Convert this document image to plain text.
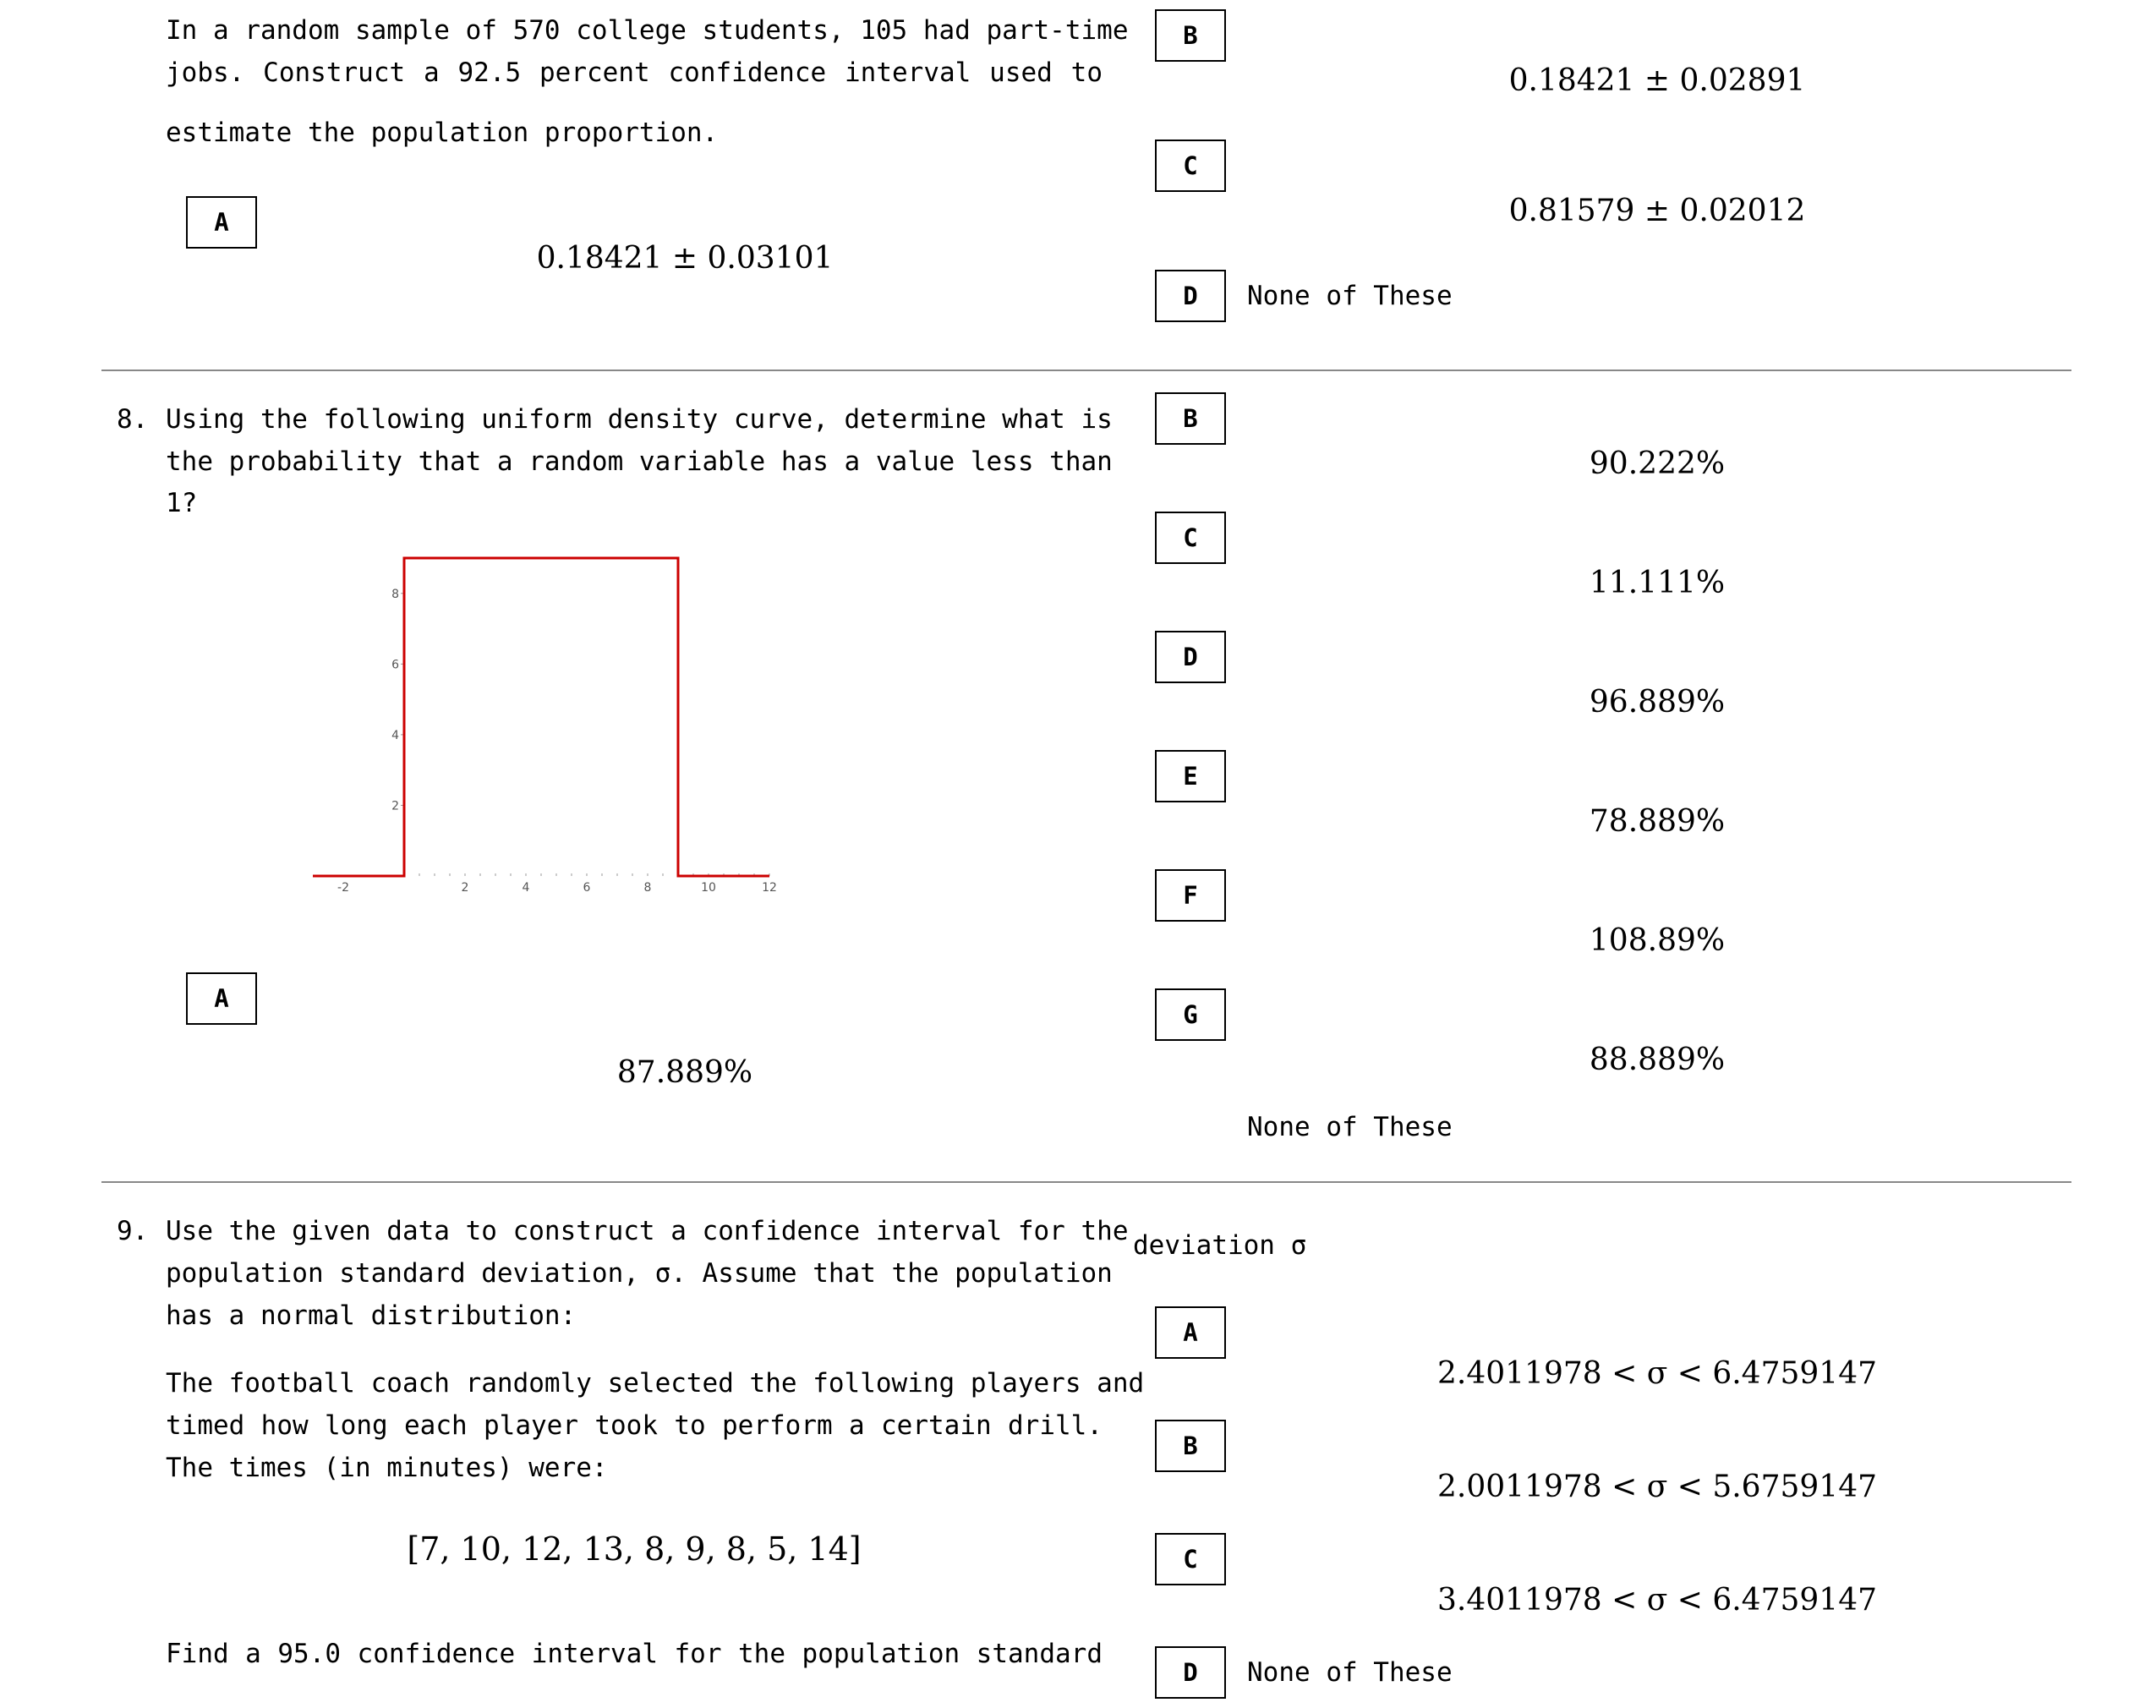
In a random sample of 570 college students, 105 had part-time
jobs. Construct a 92.5 percent confidence interval used to
estimate the population proportion.
A
0.18421 ± 0.03101
B
0.18421 ± 0.02891
C
0.81579 ± 0.02012
D	None of These
8. Using the following uniform density curve, determine what is
the probability that a random variable has a value less than
1?
-2	2	4	6	8	10	12
2
4
6
8
A
87.889%
B
90.222%
C
11.111%
D
96.889%
E
78.889%
F
108.89%
G
88.889%
None of These
9. Use the given data to construct a confidence interval for the
population standard deviation, σ. Assume that the population
has a normal distribution:
The football coach randomly selected the following players and
timed how long each player took to perform a certain drill.
The times (in minutes) were:
[7, 10, 12, 13, 8, 9, 8, 5, 14]
Find a 95.0 confidence interval for the population standard
deviation σ
A
2.4011978 < σ < 6.4759147
B
2.0011978 < σ < 5.6759147
C
3.4011978 < σ < 6.4759147
D	None of These
